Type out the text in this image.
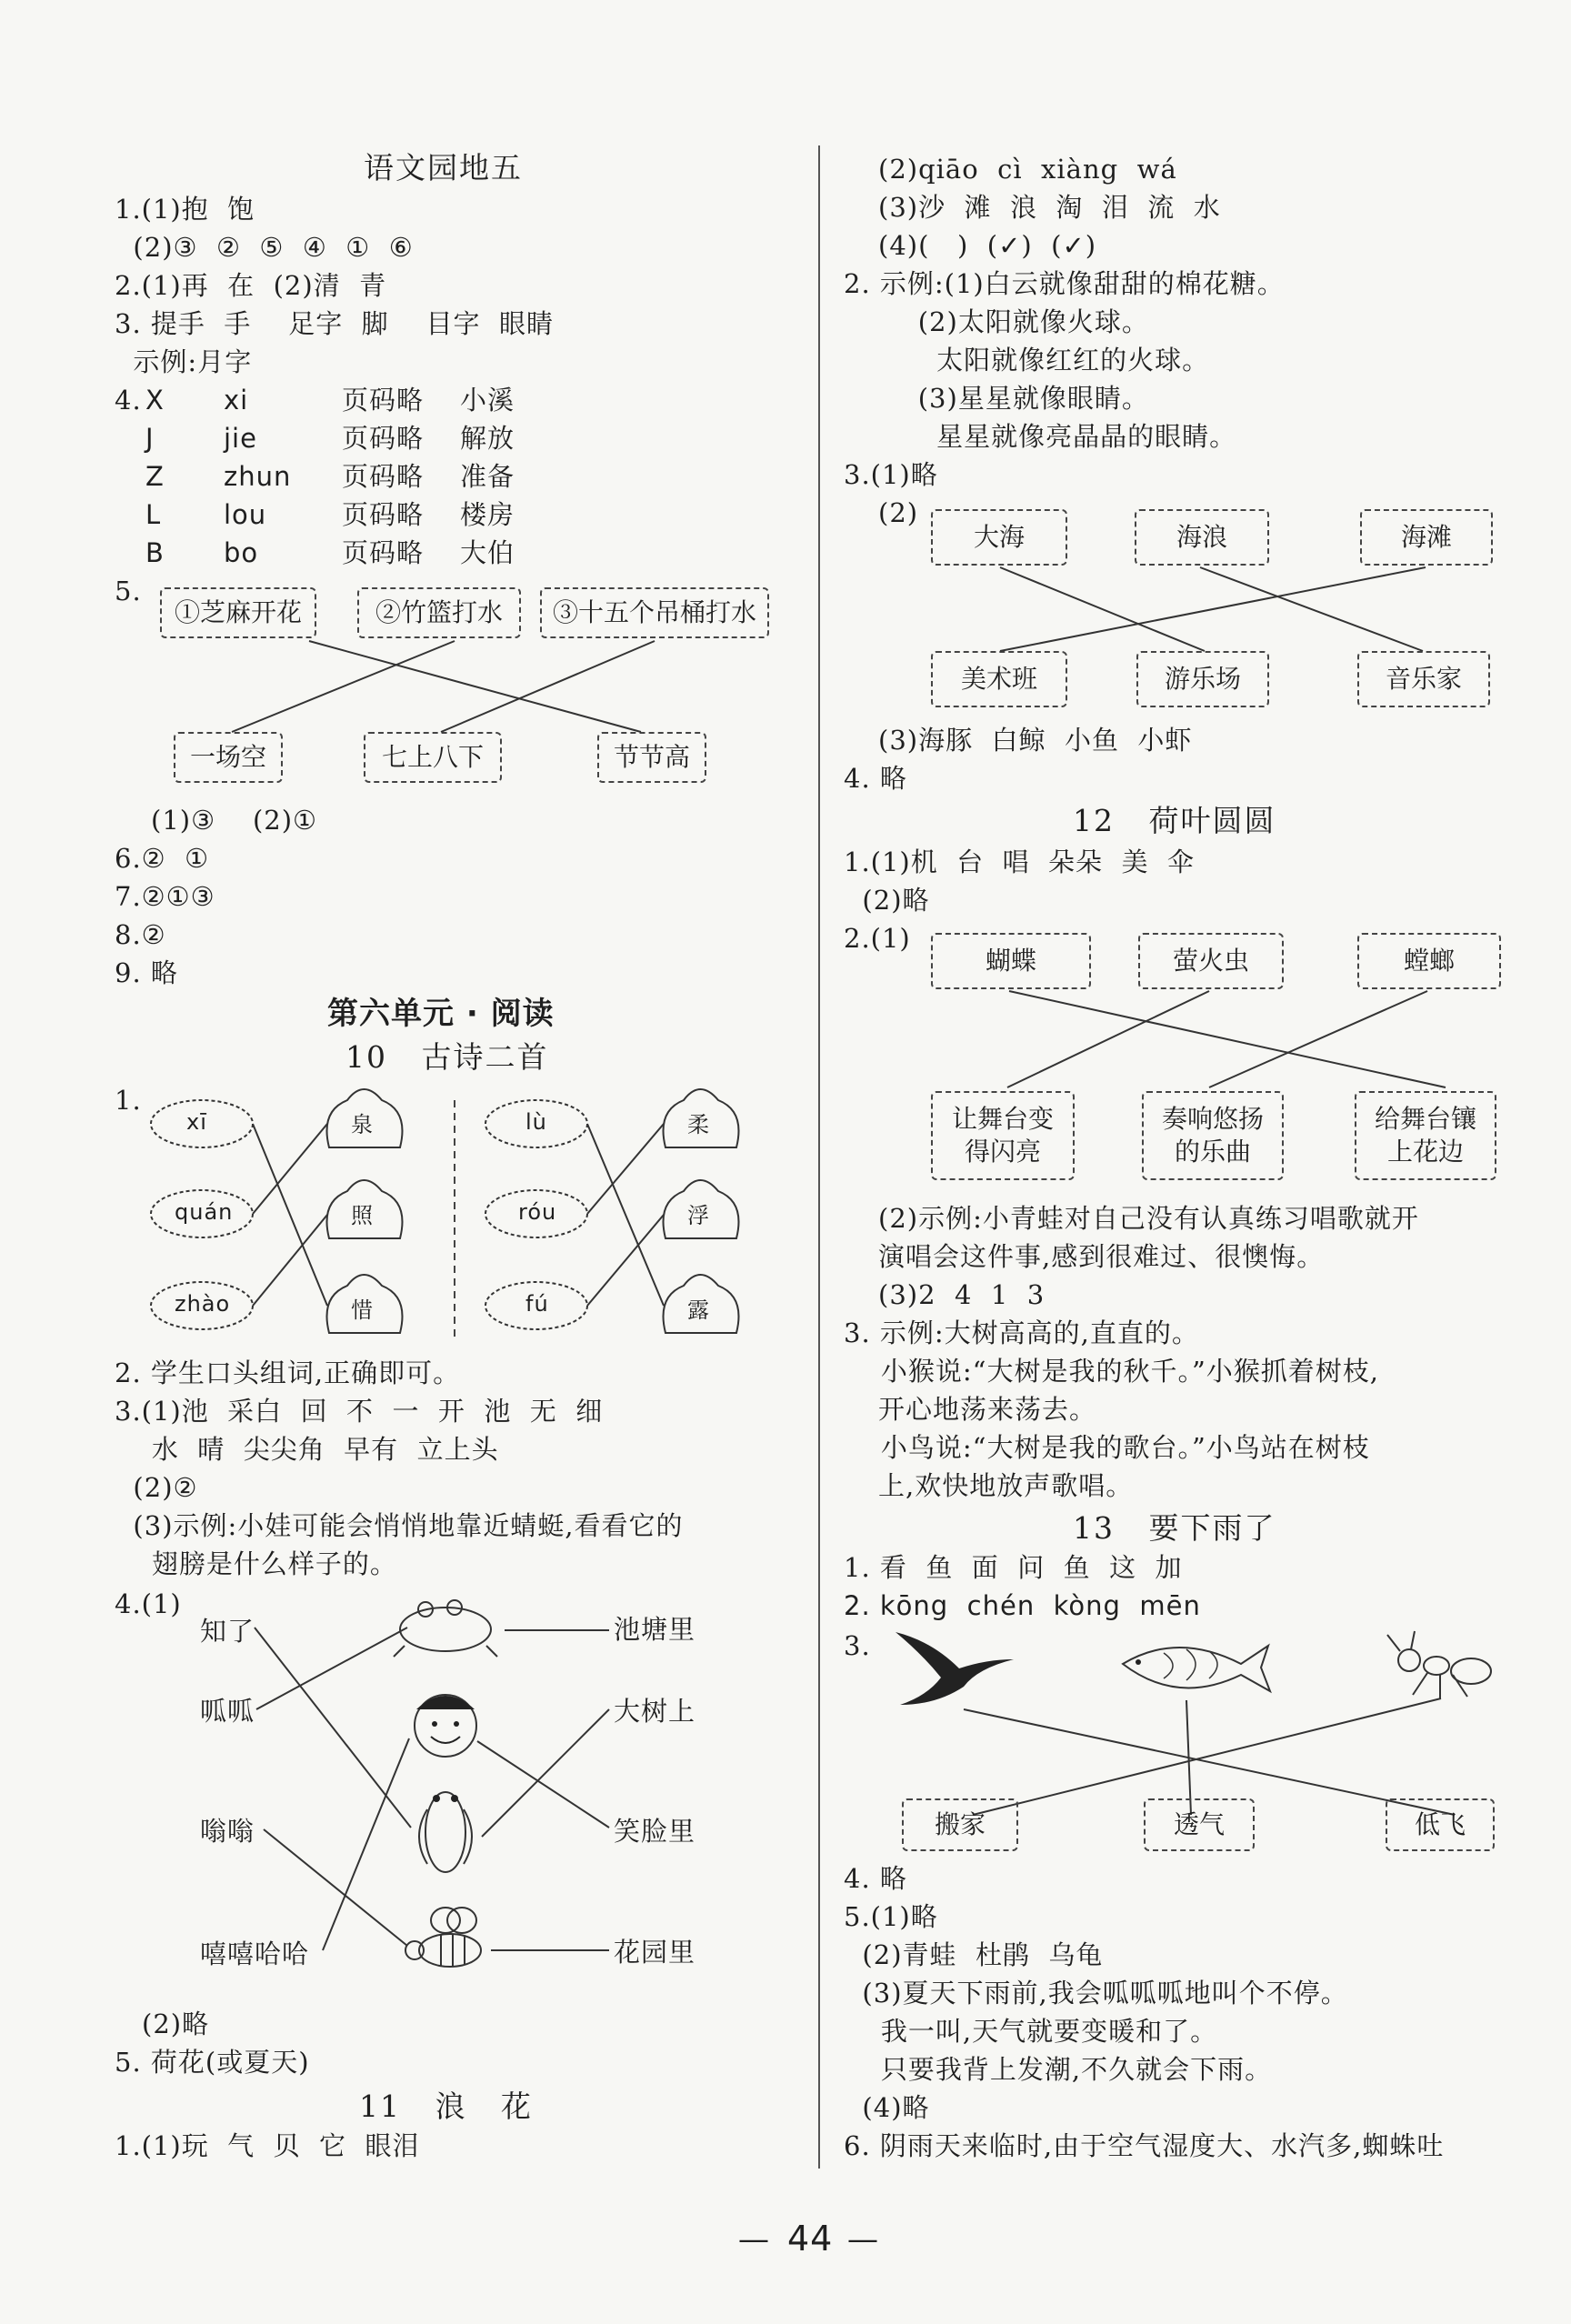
语文园地五
1.(1)抱  饱
(2)③  ②  ⑤  ④  ①  ⑥
2.(1)再  在  (2)清  青
3. 提手  手    足字  脚    目字  眼睛
示例:月字
4. X xi	页码略 小溪
J	jie	页码略 解放
Z zhun 页码略 准备
L lou	页码略 楼房
B bo	页码略 大伯
5.
①芝麻开花	②竹篮打水	③十五个吊桶打水
一场空	七上八下	节节高
(1)③    (2)①
6.②  ①
7.②①③
8.②
9. 略
第六单元 · 阅读
10   古诗二首
1.
xī
quán
zhào
泉
照
惜
lù
róu
fú
柔
浮
露
2. 学生口头组词,正确即可。
3.(1)池  采白  回  不  一  开  池  无  细
水  晴  尖尖角  早有  立上头
(2)②
(3)示例:小娃可能会悄悄地靠近蜻蜓,看看它的
翅膀是什么样子的。
4.(1)
知了
呱呱
嗡嗡
嘻嘻哈哈
池塘里
大树上
笑脸里
花园里
(2)略
5. 荷花(或夏天)
11   浪   花
1.(1)玩  气  贝  它  眼泪
(2)qiāo  cì  xiàng  wá
(3)沙  滩  浪  淘  泪  流  水
(4)(   )  (✓)  (✓)
2. 示例:(1)白云就像甜甜的棉花糖。
(2)太阳就像火球。
太阳就像红红的火球。
(3)星星就像眼睛。
星星就像亮晶晶的眼睛。
3.(1)略
(2)
大海	海浪	海滩
美术班	游乐场	音乐家
(3)海豚  白鲸  小鱼  小虾
4. 略
12   荷叶圆圆
1.(1)机  台  唱  朵朵  美  伞
(2)略
2.(1)
蝴蝶	萤火虫	螳螂
让舞台变
得闪亮
奏响悠扬
的乐曲
给舞台镶
上花边
(2)示例:小青蛙对自己没有认真练习唱歌就开
演唱会这件事,感到很难过、很懊悔。
(3)2  4  1  3
3. 示例:大树高高的,直直的。
小猴说:“大树是我的秋千。”小猴抓着树枝,
开心地荡来荡去。
小鸟说:“大树是我的歌台。”小鸟站在树枝
上,欢快地放声歌唱。
13   要下雨了
1. 看  鱼  面  问  鱼  这  加
2. kōng  chén  kòng  mēn
3.
搬家	透气	低飞
4. 略
5.(1)略
(2)青蛙  杜鹃  乌龟
(3)夏天下雨前,我会呱呱呱地叫个不停。
我一叫,天气就要变暖和了。
只要我背上发潮,不久就会下雨。
(4)略
6. 阴雨天来临时,由于空气湿度大、水汽多,蜘蛛吐
— 44 —
